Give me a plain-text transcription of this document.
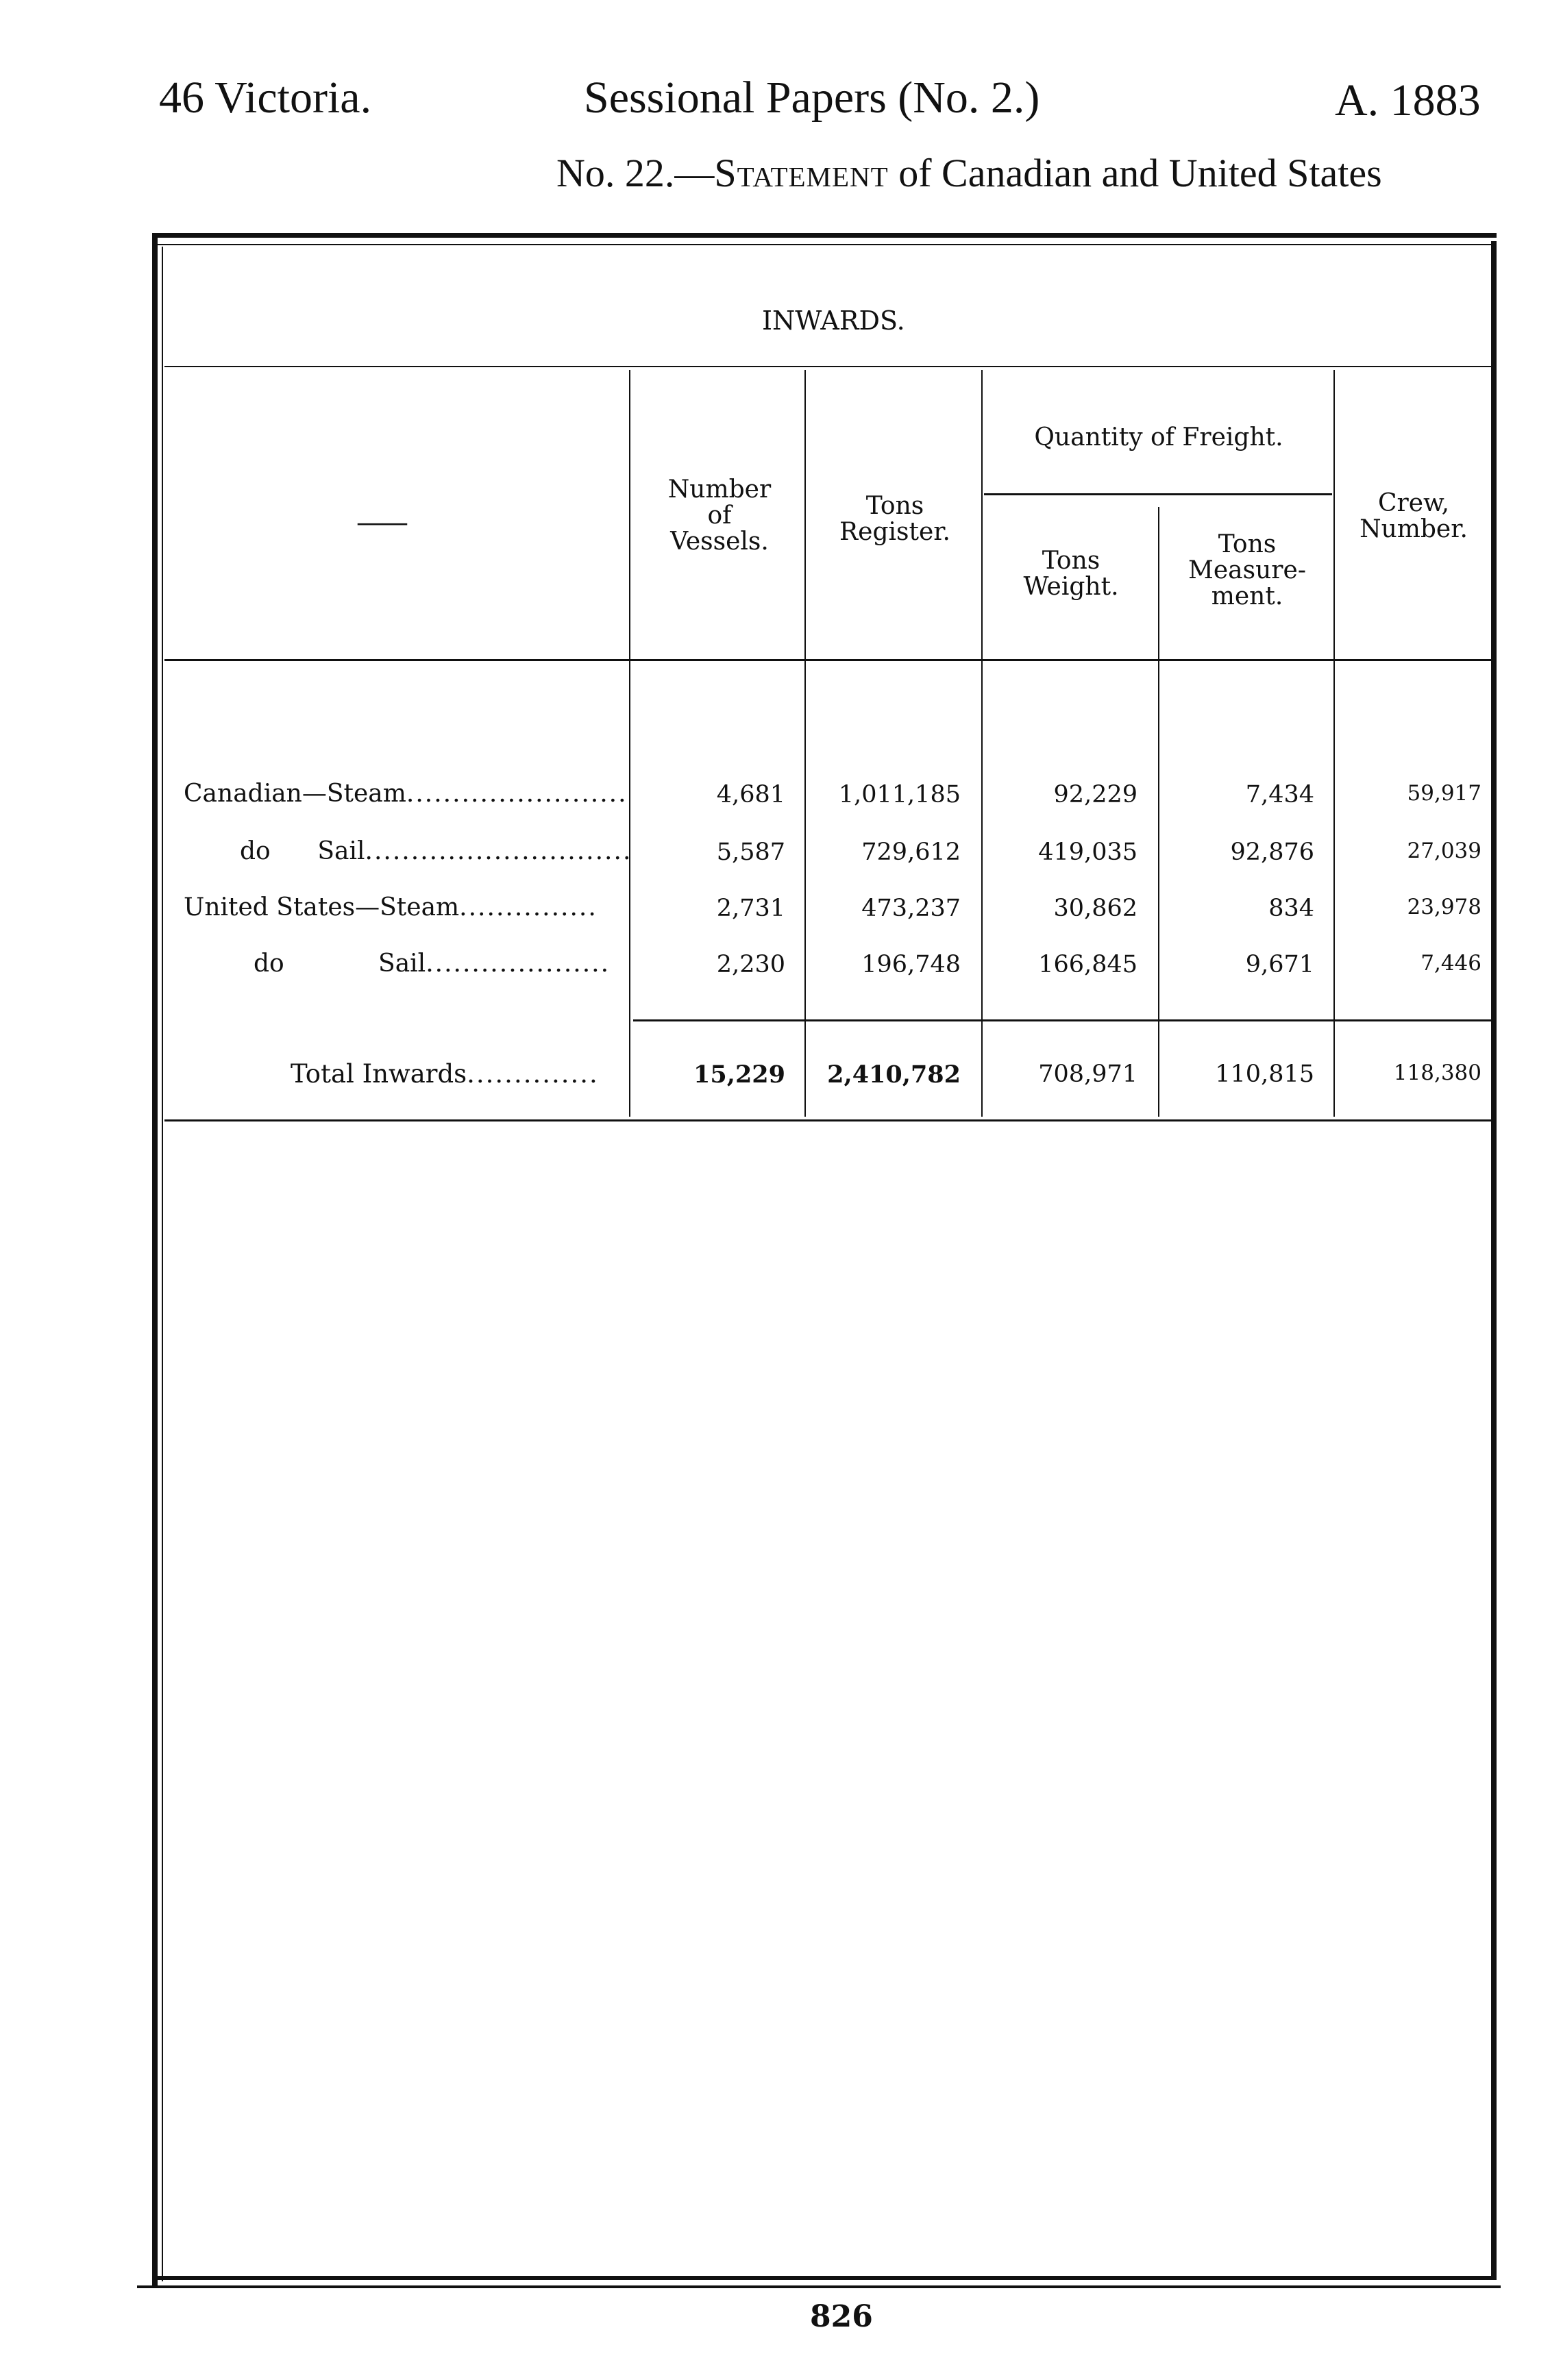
46 Victoria.	Sessional Papers (No. 2.)	A. 1883
No. 22.—Statement of Canadian and United States
INWARDS.
——
Number
of
Vessels.
Tons
Register.
Quantity of Freight.
Tons
Weight.
Tons
Measure-
ment.
Crew,
Number.
Canadian—Steam........................	4,681 1,011,185	92,229	7,434	59,917
do      Sail.............................	5,587	729,612	419,035	92,876	27,039
United States—Steam...............	2,731	473,237	30,862	834	23,978
do            Sail....................	2,230	196,748	166,845	9,671	7,446
Total Inwards..............	15,229 2,410,782	708,971	110,815	118,380
826
